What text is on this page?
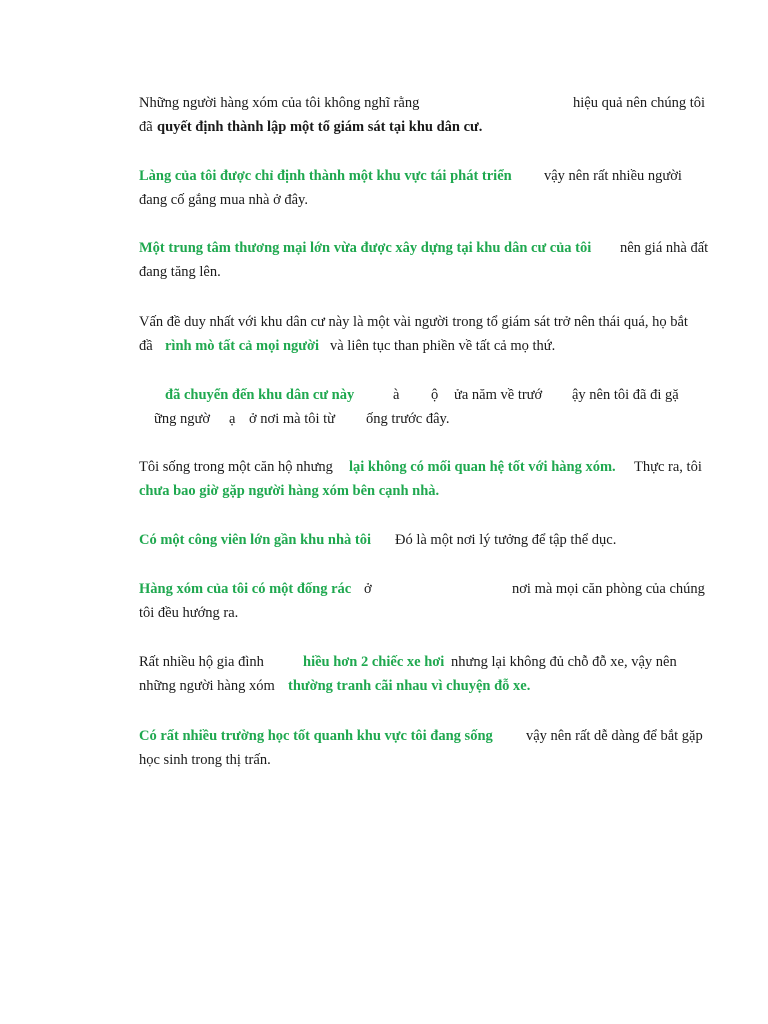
Những người hàng xóm của tôi không nghĩ rằng	hiệu quả nên chúng tôi
đã quyết định thành lập một tổ giám sát tại khu dân cư.
Làng của tôi được chỉ định thành một khu vực tái phát triển vậy nên rất nhiều người
đang cố gắng mua nhà ở đây.
Một trung tâm thương mại lớn vừa được xây dựng tại khu dân cư của tôi nên giá nhà đất
đang tăng lên.
Vấn đề duy nhất với khu dân cư này là một vài người trong tổ giám sát trở nên thái quá, họ bắt
đầ rình mò tất cả mọi người và liên tục than phiền về tất cả mọ thứ.
đã chuyển đến khu dân cư này	à ộ ửa năm về trướ ậy nên tôi đã đi gặ
ững ngườ ạ ở nơi mà tôi từ ống trước đây.
Tôi sống trong một căn hộ nhưng lại không có mối quan hệ tốt với hàng xóm. Thực ra, tôi
chưa bao giờ gặp người hàng xóm bên cạnh nhà.
Có một công viên lớn gần khu nhà tôi Đó là một nơi lý tưởng để tập thể dục.
Hàng xóm của tôi có một đống rác ở	nơi mà mọi căn phòng của chúng
tôi đều hướng ra.
Rất nhiều hộ gia đình	hiều hơn 2 chiếc xe hơi nhưng lại không đủ chỗ đỗ xe, vậy nên
những người hàng xóm thường tranh cãi nhau vì chuyện đỗ xe.
Có rất nhiều trường học tốt quanh khu vực tôi đang sống vậy nên rất dễ dàng để bắt gặp
học sinh trong thị trấn.
